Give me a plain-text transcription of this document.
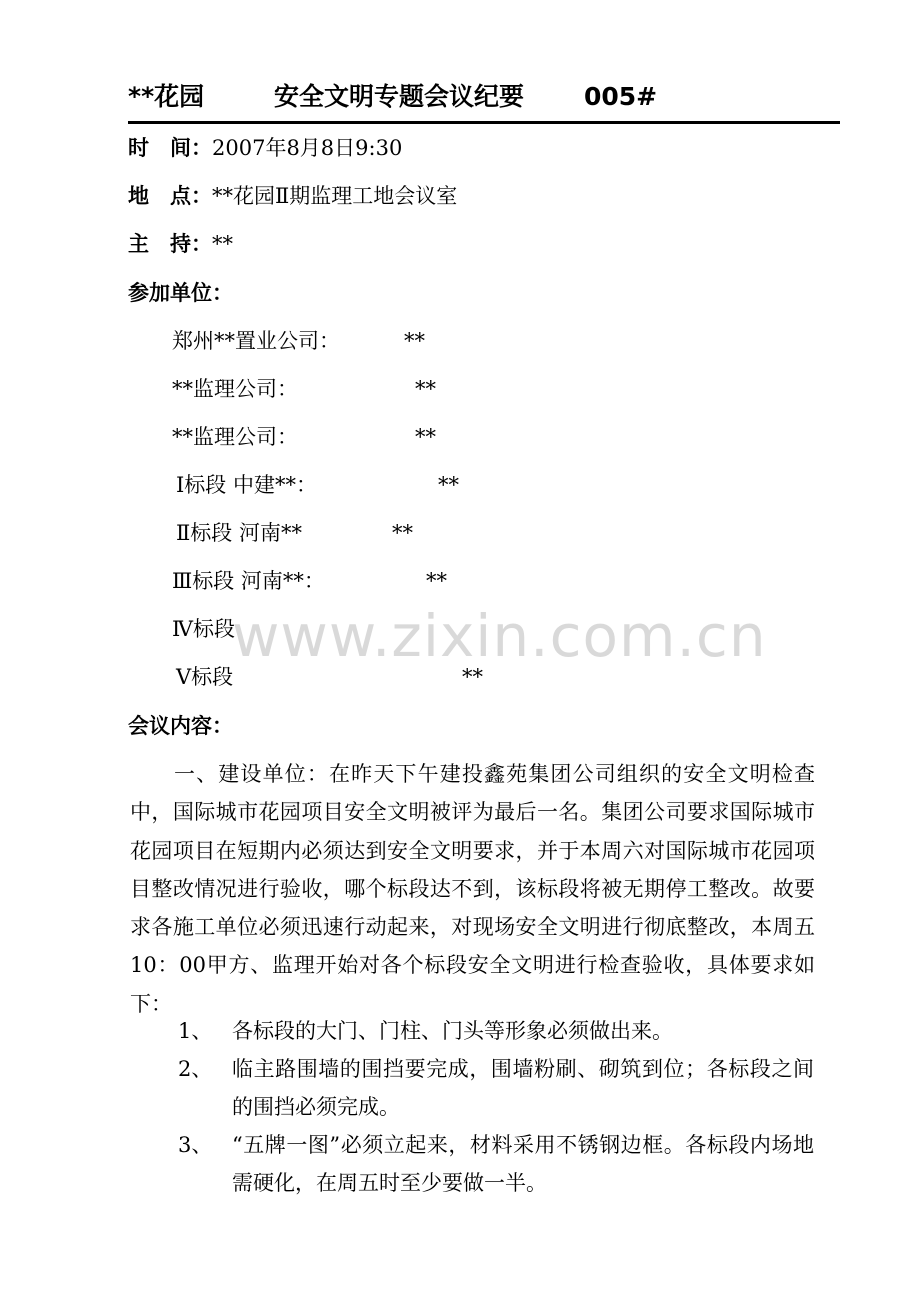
**花园	安全文明专题会议纪要 005#
时　间：2007年8月8日9:30
地　点：**花园Ⅱ期监理工地会议室
主　持：**
参加单位：
郑州**置业公司：	**
**监理公司：	**
**监理公司：	**
Ⅰ标段 中建**：	**
Ⅱ标段 河南**	**
Ⅲ标段 河南**：	**
Ⅳ标段
Ⅴ标段	**
www.zixin.com.cn
会议内容：

一、建设单位：在昨天下午建投鑫苑集团公司组织的安全文明检查中，国际城市花园项目安全文明被评为最后一名。集团公司要求国际城市花园项目在短期内必须达到安全文明要求，并于本周六对国际城市花园项目整改情况进行验收，哪个标段达不到，该标段将被无期停工整改。故要求各施工单位必须迅速行动起来，对现场安全文明进行彻底整改，本周五10：00甲方、监理开始对各个标段安全文明进行检查验收，具体要求如下：

1、 各标段的大门、门柱、门头等形象必须做出来。

2、 临主路围墙的围挡要完成，围墙粉刷、砌筑到位；各标段之间的围挡必须完成。

3、 “五牌一图”必须立起来，材料采用不锈钢边框。各标段内场地需硬化，在周五时至少要做一半。
